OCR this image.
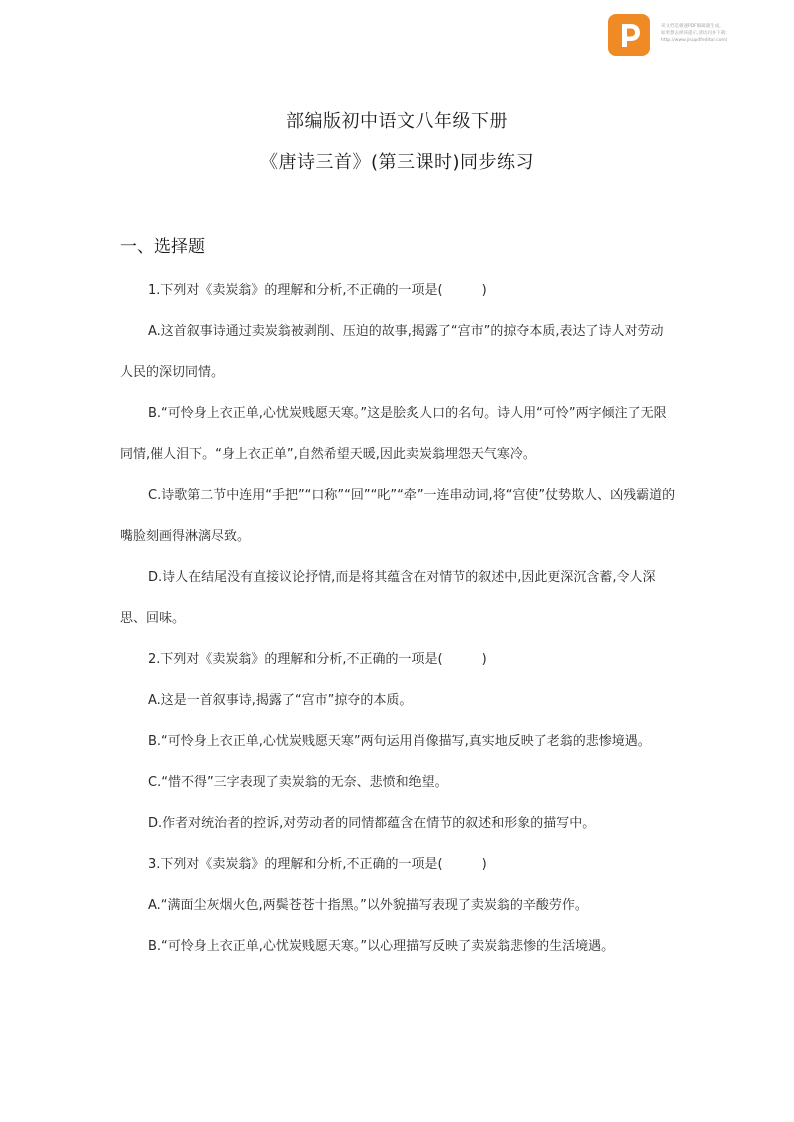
该文档是极速PDF编辑器生成,
如果想去掉该提示,请访问并下载:
http://www.jisupdfeditor.com/
部编版初中语文八年级下册
《唐诗三首》(第三课时)同步练习
一、选择题

1.下列对《卖炭翁》的理解和分析,不正确的一项是(　　　)

A.这首叙事诗通过卖炭翁被剥削、压迫的故事,揭露了“宫市”的掠夺本质,表达了诗人对劳动人民的深切同情。

B.“可怜身上衣正单,心忧炭贱愿天寒。”这是脍炙人口的名句。诗人用“可怜”两字倾注了无限同情,催人泪下。“身上衣正单”,自然希望天暖,因此卖炭翁埋怨天气寒冷。

C.诗歌第二节中连用“手把”“口称”“回”“叱”“牵”一连串动词,将“宫使”仗势欺人、凶残霸道的嘴脸刻画得淋漓尽致。

D.诗人在结尾没有直接议论抒情,而是将其蕴含在对情节的叙述中,因此更深沉含蓄,令人深思、回味。

2.下列对《卖炭翁》的理解和分析,不正确的一项是(　　　)

A.这是一首叙事诗,揭露了“宫市”掠夺的本质。

B.“可怜身上衣正单,心忧炭贱愿天寒”两句运用肖像描写,真实地反映了老翁的悲惨境遇。

C.“惜不得”三字表现了卖炭翁的无奈、悲愤和绝望。

D.作者对统治者的控诉,对劳动者的同情都蕴含在情节的叙述和形象的描写中。

3.下列对《卖炭翁》的理解和分析,不正确的一项是(　　　)

A.“满面尘灰烟火色,两鬓苍苍十指黑。”以外貌描写表现了卖炭翁的辛酸劳作。

B.“可怜身上衣正单,心忧炭贱愿天寒。”以心理描写反映了卖炭翁悲惨的生活境遇。
